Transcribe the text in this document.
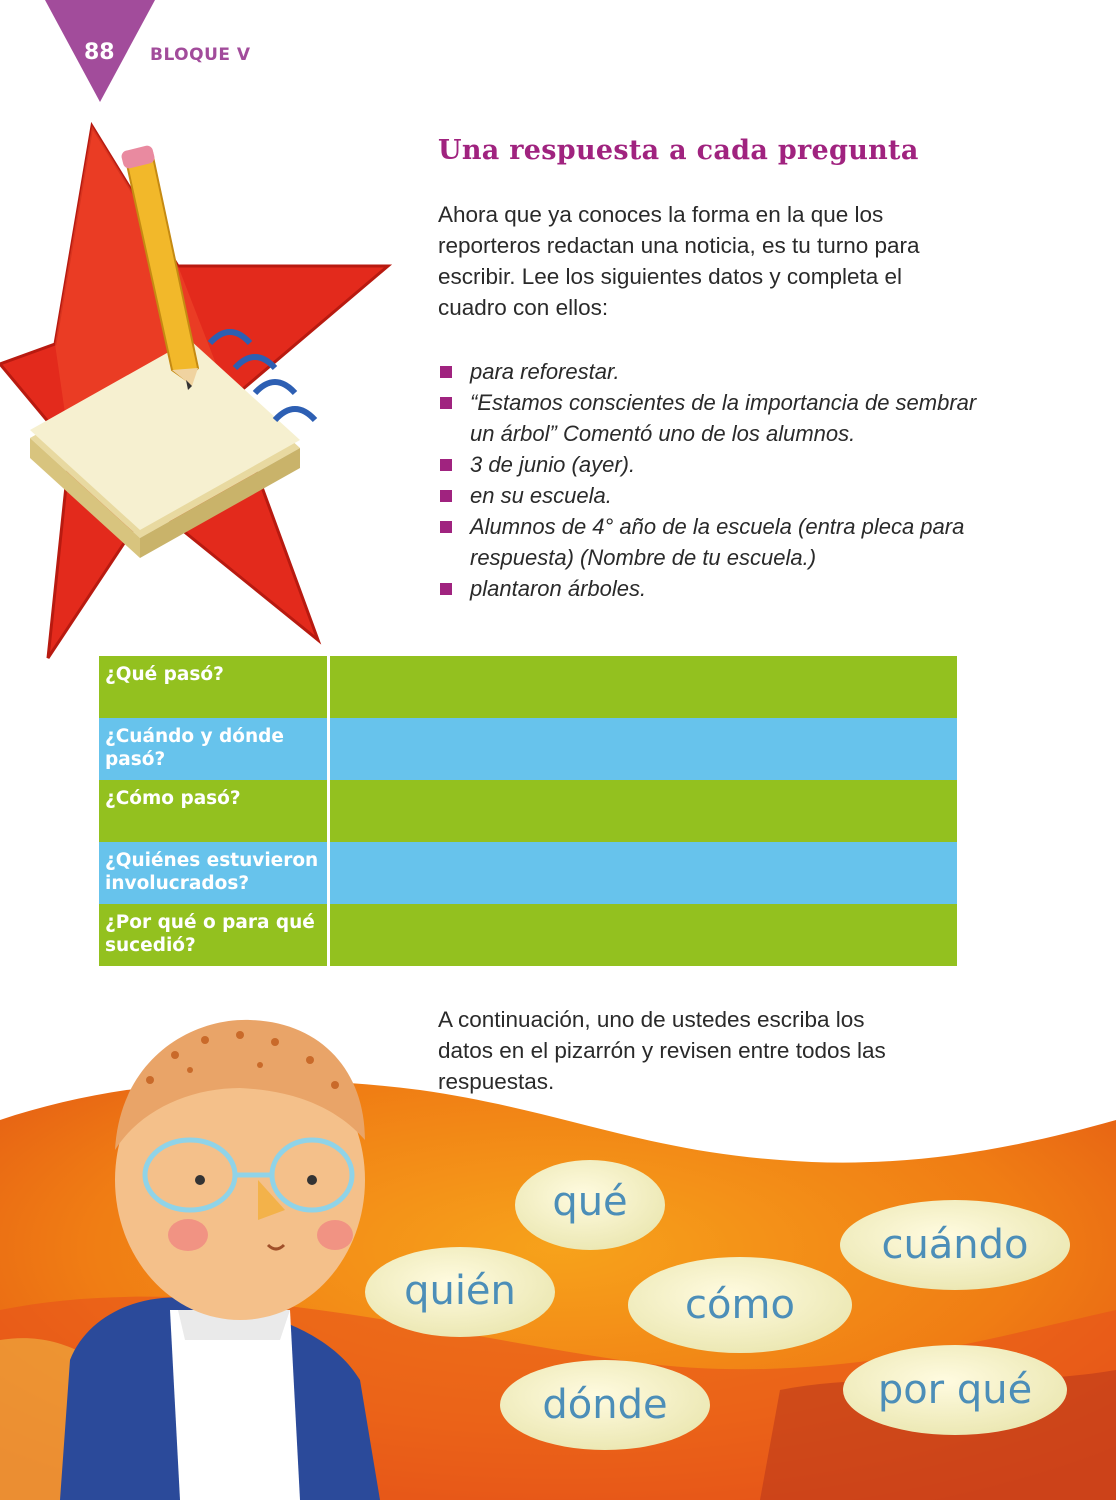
88 BLOQUE V
Una respuesta a cada pregunta

Ahora que ya conoces la forma en la que los reporteros redactan una noticia, es tu turno para escribir. Lee los siguientes datos y completa el cuadro con ellos:

para reforestar.
“Estamos conscientes de la importancia de sembrar un árbol” Comentó uno de los alumnos.
3 de junio (ayer).
en su escuela.
Alumnos de 4° año de la escuela (entra pleca para respuesta) (Nombre de tu escuela.)
plantaron árboles.
¿Qué pasó?	
¿Cuándo y dónde pasó?	
¿Cómo pasó?	
¿Quiénes estuvieron involucrados?	
¿Por qué o para qué sucedió?	
qué
cuándo
quién	cómo
dónde	por qué

A continuación, uno de ustedes escriba los datos en el pizarrón y revisen entre todos las respuestas.
